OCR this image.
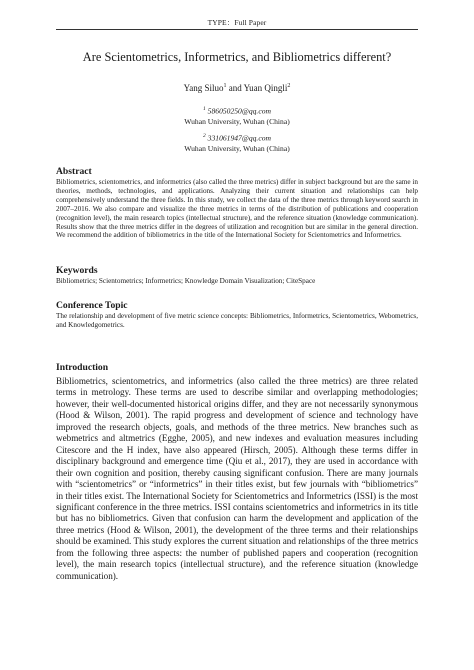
TYPE：Full Paper
Are Scientometrics, Informetrics, and Bibliometrics different?
Yang Siluo$^1$ and Yuan Qingli$^2$
$^1$ 586050250@qq.com
Wuhan University, Wuhan (China)
$^2$ 331061947@qq.com
Wuhan University, Wuhan (China)
Abstract
Bibliometrics, scientometrics, and informetrics (also called the three metrics) differ in subject background but are the same in theories, methods, technologies, and applications. Analyzing their current situation and relationships can help comprehensively understand the three fields. In this study, we collect the data of the three metrics through keyword search in 2007–2016. We also compare and visualize the three metrics in terms of the distribution of publications and cooperation (recognition level), the main research topics (intellectual structure), and the reference situation (knowledge communication). Results show that the three metrics differ in the degrees of utilization and recognition but are similar in the general direction. We recommend the addition of bibliometrics in the title of the International Society for Scientometrics and Informetrics.
Keywords
Bibliometrics; Scientometrics; Informetrics; Knowledge Domain Visualization; CiteSpace
Conference Topic
The relationship and development of five metric science concepts: Bibliometrics, Informetrics, Scientometrics, Webometrics, and Knowledgometrics.
Introduction
Bibliometrics, scientometrics, and informetrics (also called the three metrics) are three related terms in metrology. These terms are used to describe similar and overlapping methodologies; however, their well-documented historical origins differ, and they are not necessarily synonymous (Hood & Wilson, 2001). The rapid progress and development of science and technology have improved the research objects, goals, and methods of the three metrics. New branches such as webmetrics and altmetrics (Egghe, 2005), and new indexes and evaluation measures including Citescore and the H index, have also appeared (Hirsch, 2005). Although these terms differ in disciplinary background and emergence time (Qiu et al., 2017), they are used in accordance with their own cognition and position, thereby causing significant confusion. There are many journals with “scientometrics” or “informetrics” in their titles exist, but few journals with “bibliometrics” in their titles exist. The International Society for Scientometrics and Informetrics (ISSI) is the most significant conference in the three metrics. ISSI contains scientometrics and informetrics in its title but has no bibliometrics. Given that confusion can harm the development and application of the three metrics (Hood & Wilson, 2001), the development of the three terms and their relationships should be examined. This study explores the current situation and relationships of the three metrics from the following three aspects: the number of published papers and cooperation (recognition level), the main research topics (intellectual structure), and the reference situation (knowledge communication).
